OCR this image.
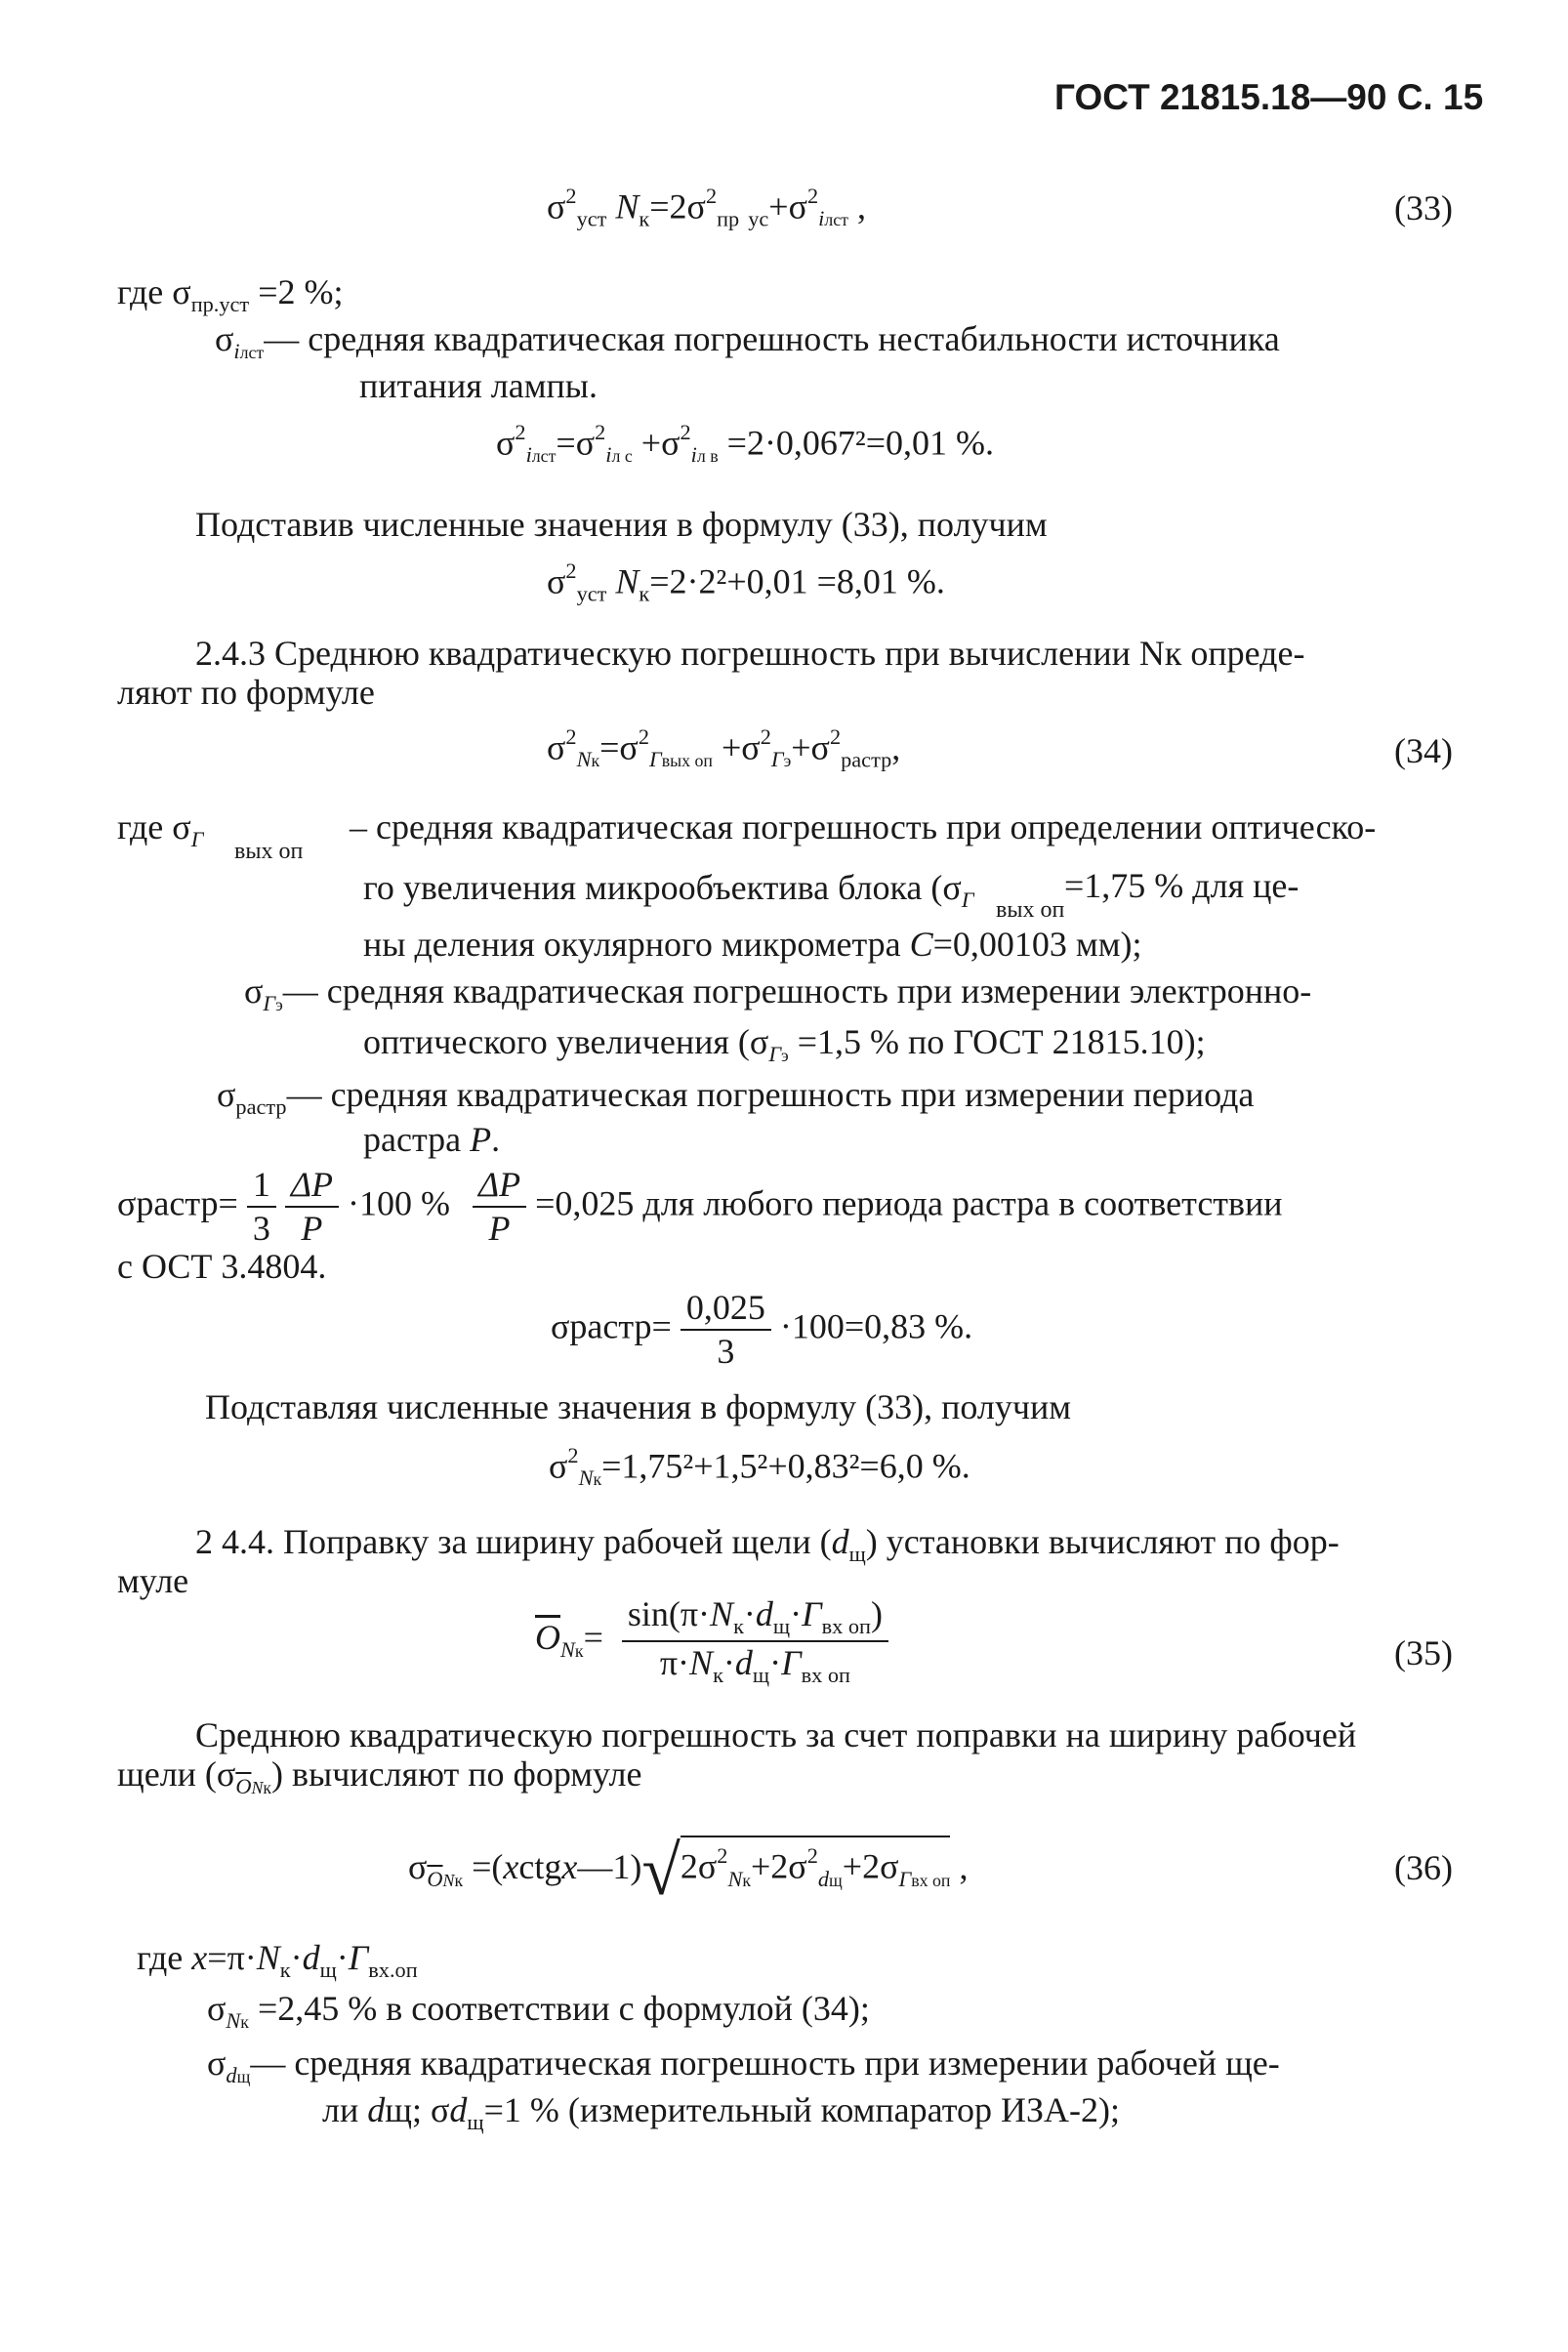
ГОСТ 21815.18—90 С. 15
$\sigma^2_{уст}$ $N_к=2\sigma^2_{пр}$ $_{ус}+\sigma^2_{iлст}$ ,	(33)
где $\sigma_{пр.уст} =2$ %;
$\sigma_{iлст}—$ средняя квадратическая погрешность нестабильности источника
питания лампы.
$\sigma^2_{iлст}=\sigma^2_{iл с} +\sigma^2_{iл в} =2\cdot 0,067^2=0,01$ %.
Подставив численные значения в формулу (33), получим
$\sigma^2_{уст}$ $N_к=2\cdot 2^2+0,01 =8,01$ %.
2.4.3 Среднюю квадратическую погрешность при вычислении Nк опреде-
ляют по формуле
$\sigma^2_{Nк}=\sigma^2_{\Gamma вых оп} +\sigma^2_{\Gamma э}+\sigma^2_{растр}$,	(34)
где $\sigma_\Gamma$ вых оп
– средняя квадратическая погрешность при определении оптическо-
го увеличения микрообъектива блока ($\sigma_\Gamma$	=1,75 % для це-
вых оп
ны деления окулярного микрометра C=0,00103 мм);
$\sigma_{\Gamma э}—$ средняя квадратическая погрешность при измерении электронно-
оптического увеличения ($\sigma_{\Gamma э} =1,5$ % по ГОСТ 21815.10);
$\sigma_{растр}—$ средняя квадратическая погрешность при измерении периода
растра P.
σрастр= $\frac{1}{3}$
$\frac{\Delta P}{P} \cdot 100$ % $\frac{\Delta P}{P} =0,025$ для любого периода растра в соответствии
с ОСТ 3.4804.
σрастр= $\frac{0,025}{3} \cdot 100=0,83$ %.
Подставляя численные значения в формулу (33), получим
$\sigma^2_{Nк}=1,75^2+1,5^2+0,83^2=6,0$ %.
2 4.4. Поправку за ширину рабочей щели $(d_щ)$ установки вычисляют по фор-
муле
$\overline{O}_{Nк}= \frac{\sin(\pi\cdot N_к\cdot d_щ\cdot\Gamma_{вх оп})}{\pi\cdot N_к\cdot d_щ\cdot\Gamma_{вх оп}}$	(35)
Среднюю квадратическую погрешность за счет поправки на ширину рабочей
щели $(\sigma_{\overline{O}Nк})$ вычисляют по формуле
$\sigma_{\overline{O}Nк}$ $=(xctgx—1)√2\sigma^2_{Nк}+2\sigma^2_{dщ}+2\sigma_{\Gamma вх оп}$ ,	(36)
где $x=\pi\cdot N_к\cdot d_щ\cdot\Gamma_{вх.оп}$
$\sigma_{Nк} =2,45$ % в соответствии с формулой (34);
$\sigma_{dщ}—$ средняя квадратическая погрешность при измерении рабочей ще-
ли dщ; $\sigma d_щ=1$ % (измерительный компаратор ИЗА-2);
